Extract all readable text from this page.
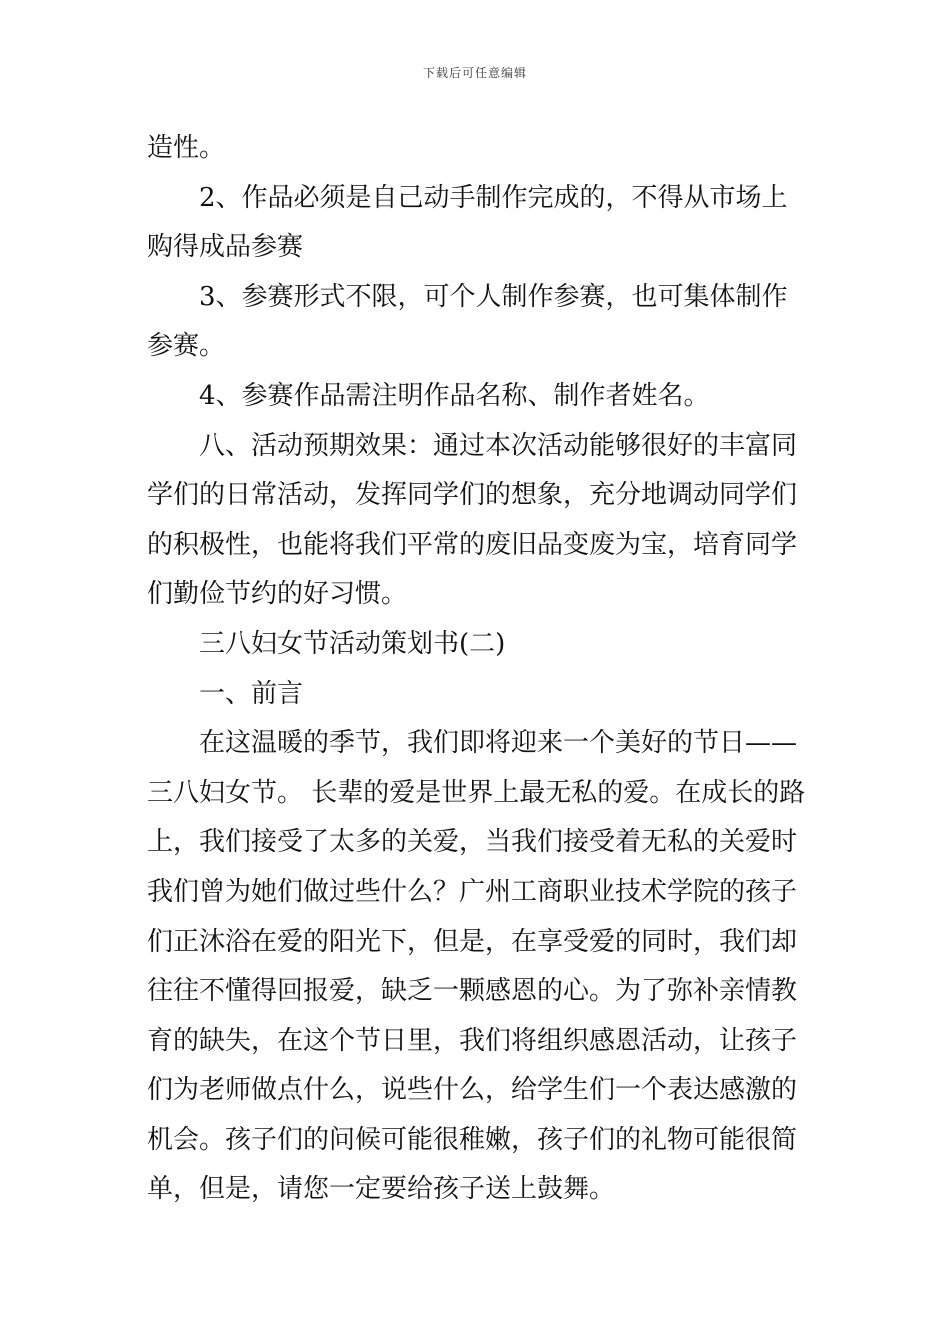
下载后可任意编辑

造性。

2、作品必须是自己动手制作完成的，不得从市场上购得成品参赛

3、参赛形式不限，可个人制作参赛，也可集体制作参赛。

4、参赛作品需注明作品名称、制作者姓名。

八、活动预期效果：通过本次活动能够很好的丰富同学们的日常活动，发挥同学们的想象，充分地调动同学们的积极性，也能将我们平常的废旧品变废为宝，培育同学们勤俭节约的好习惯。

三八妇女节活动策划书(二)

一、前言

在这温暖的季节，我们即将迎来一个美好的节日——三八妇女节。 长辈的爱是世界上最无私的爱。在成长的路上，我们接受了太多的关爱，当我们接受着无私的关爱时我们曾为她们做过些什么？广州工商职业技术学院的孩子们正沐浴在爱的阳光下，但是，在享受爱的同时，我们却往往不懂得回报爱，缺乏一颗感恩的心。为了弥补亲情教育的缺失，在这个节日里，我们将组织感恩活动，让孩子们为老师做点什么，说些什么，给学生们一个表达感激的机会。孩子们的问候可能很稚嫩，孩子们的礼物可能很简单，但是，请您一定要给孩子送上鼓舞。
